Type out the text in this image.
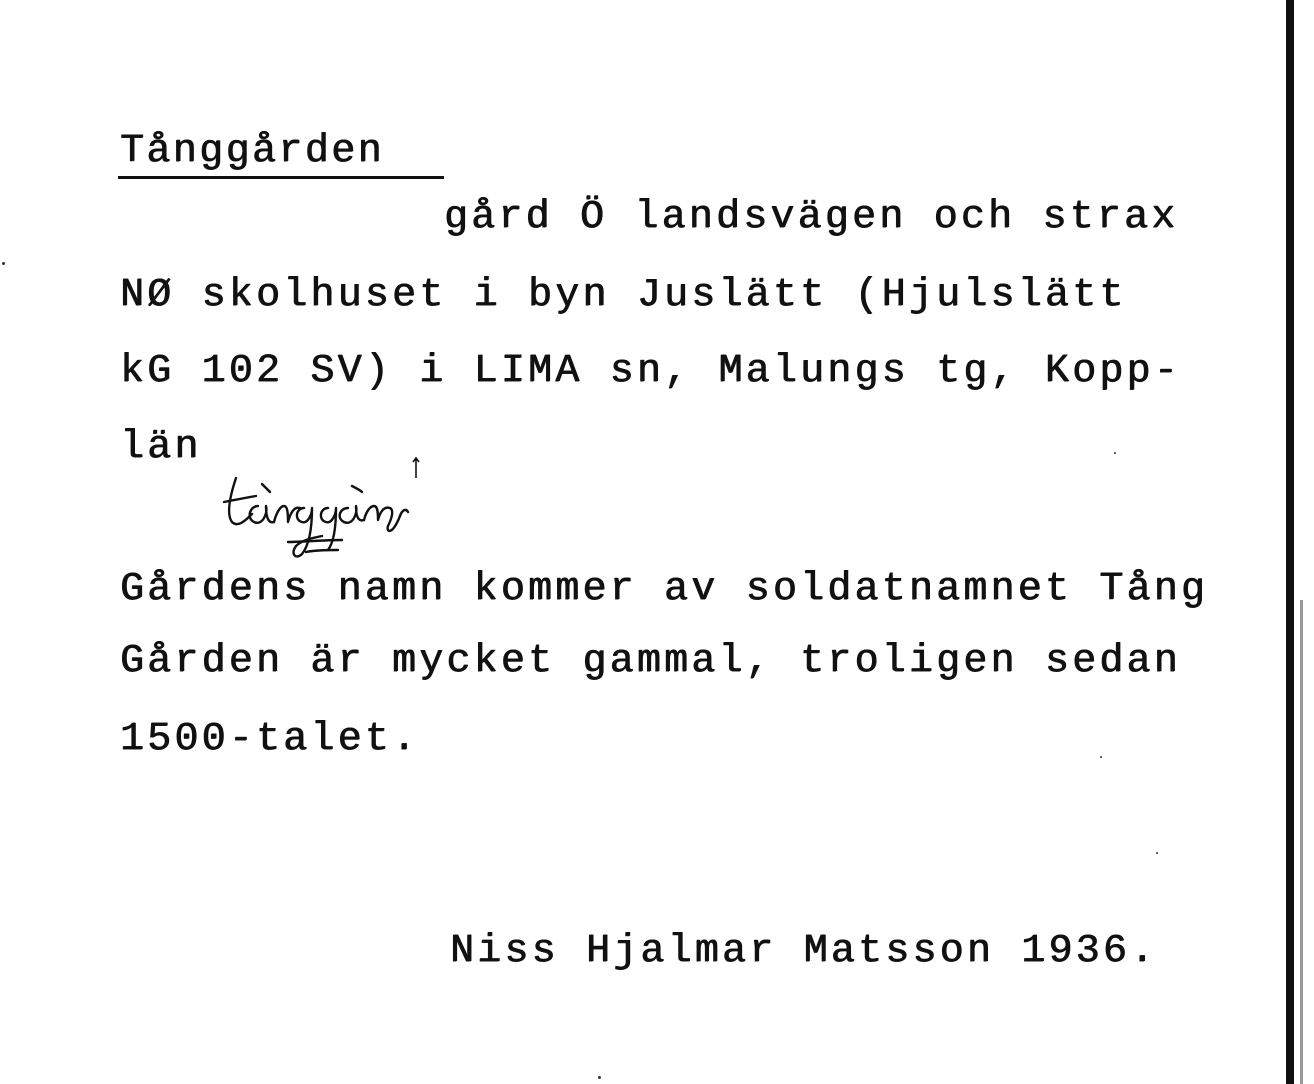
Tånggården
gård Ö landsvägen och strax
NØ skolhuset i byn Juslätt (Hjulslätt
kG 102 SV) i LIMA sn, Malungs tg, Kopp-
län
Gårdens namn kommer av soldatnamnet Tång
Gården är mycket gammal, troligen sedan
1500-talet.
Niss Hjalmar Matsson 1936.
